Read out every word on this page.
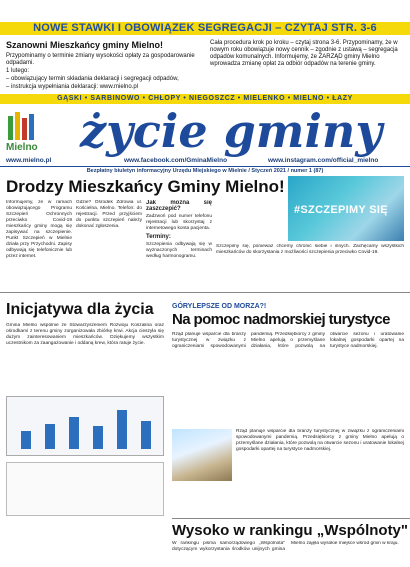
NOWE STAWKI I OBOWIĄZEK SEGREGACJI – CZYTAJ STR. 3-6
Szanowni Mieszkańcy gminy Mielno!

Przypominamy o terminie zmiany wysokości opłaty za gospodarowanie odpadami.

1 lutego:

– obowiązujący termin składania deklaracji i segregacji odpadów,

– instrukcja wypełniania deklaracji: www.mielno.pl

Cała procedura krok po kroku – czytaj strona 3-6. Przypominamy, że w nowym roku obowiązuje nowy cennik – zgodnie z ustawą – segregacja odpadów komunalnych. Informujemy, że ZARZĄD gminy Mielno wprowadza zmianę opłat za odbiór odpadów na terenie gminy.
GĄSKI • SARBINOWO • CHŁOPY • NIEGOSZCZ • MIELENKO • MIELNO • ŁAZY
Mielno życie gminy
www.mielno.pl	www.facebook.com/GminaMielno	www.instagram.com/official_mielno
Bezpłatny biuletyn informacyjny Urzędu Miejskiego w Mielnie / Styczeń 2021 / numer 1 (87)
Drodzy Mieszkańcy Gminy Mielno!

Informujemy, że w ramach obowiązującego Programu Szczepień Ochronnych przeciwko Covid-19 mieszkańcy gminy mogą się zapisywać na szczepienie. Punkt Szczepień w Mielnie działa przy Przychodni. Zapisy odbywają się telefonicznie lub przez internet.

Gdzie? Ośrodek Zdrowia ul. Kościelna, Mielno. Telefon: do rejestracji. Przed przyjściem do punktu szczepień należy dokonać zgłoszenia.

Jak można się zaszczepić?

Zadzwoń pod numer telefonu rejestracji lub skorzystaj z internetowego konta pacjenta.

Terminy:

Szczepienia odbywają się w wyznaczonych terminach według harmonogramu.

#SZCZEPIMY SIĘ

Szczepimy się, ponieważ chcemy chronić siebie i innych. Zachęcamy wszystkich mieszkańców do skorzystania z możliwości szczepienia przeciwko Covid-19.

Inicjatywa dla życia

Gmina Mielno wspólnie ze Stowarzyszeniem Rozwoju Koszalina oraz ośrodkami z terenu gminy zorganizowała zbiórkę krwi. Akcja cieszyła się dużym zainteresowaniem mieszkańców. Dziękujemy wszystkim uczestnikom za zaangażowanie i oddaną krew, która ratuje życie.

GÓRYLEPSZE OD MORZA?!
Na pomoc nadmorskiej turystyce

Rząd planuje wsparcie dla branży turystycznej w związku z ograniczeniami spowodowanymi pandemią. Przedsiębiorcy z gminy Mielno apelują o przemyślane działania, które pozwolą na otwarcie sezonu i uratowanie lokalnej gospodarki opartej na turystyce nadmorskiej.

Rząd planuje wsparcie dla branży turystycznej w związku z ograniczeniami spowodowanymi pandemią. Przedsiębiorcy z gminy Mielno apelują o przemyślane działania, które pozwolą na otwarcie sezonu i uratowanie lokalnej gospodarki opartej na turystyce nadmorskiej.

Wysoko w rankingu „Wspólnoty"

W rankingu pisma samorządowego „Wspólnota" dotyczącym wykorzystania środków unijnych gmina Mielno zajęła wysokie miejsce wśród gmin w kraju.
